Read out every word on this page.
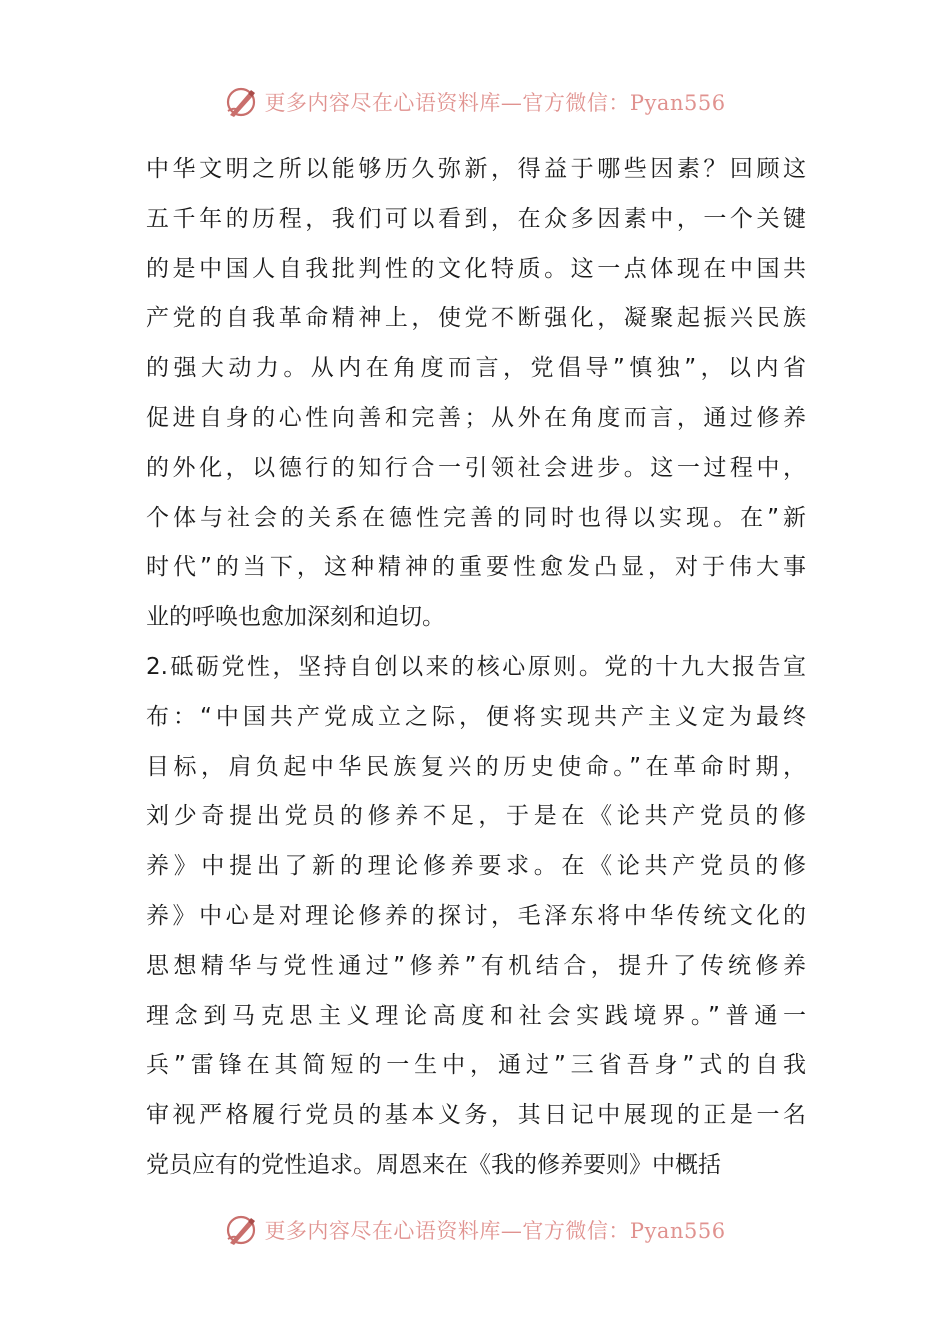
更多内容尽在心语资料库—官方微信：Pyan556
中华文明之所以能够历久弥新，得益于哪些因素？回顾这
五千年的历程，我们可以看到，在众多因素中，一个关键
的是中国人自我批判性的文化特质。这一点体现在中国共
产党的自我革命精神上，使党不断强化，凝聚起振兴民族
的强大动力。从内在角度而言，党倡导”慎独”，以内省
促进自身的心性向善和完善；从外在角度而言，通过修养
的外化，以德行的知行合一引领社会进步。这一过程中，
个体与社会的关系在德性完善的同时也得以实现。在”新
时代”的当下，这种精神的重要性愈发凸显，对于伟大事
业的呼唤也愈加深刻和迫切。
2.砥砺党性，坚持自创以来的核心原则。党的十九大报告宣
布：“中国共产党成立之际，便将实现共产主义定为最终
目标，肩负起中华民族复兴的历史使命。”在革命时期，
刘少奇提出党员的修养不足，于是在《论共产党员的修
养》中提出了新的理论修养要求。在《论共产党员的修
养》中心是对理论修养的探讨，毛泽东将中华传统文化的
思想精华与党性通过”修养”有机结合，提升了传统修养
理念到马克思主义理论高度和社会实践境界。”普通一
兵”雷锋在其简短的一生中，通过”三省吾身”式的自我
审视严格履行党员的基本义务，其日记中展现的正是一名
党员应有的党性追求。周恩来在《我的修养要则》中概括
更多内容尽在心语资料库—官方微信：Pyan556
